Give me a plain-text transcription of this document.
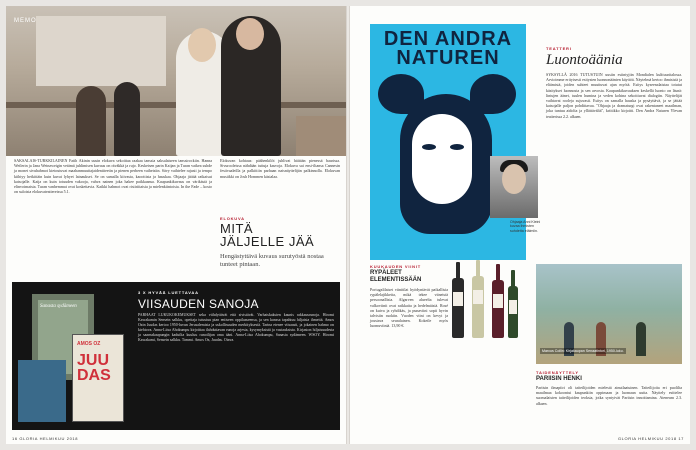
MEMO
SAKSALAIS-TURKKILAINEN Fatih Akinin uusin elokuva sekoittaa raakaa tanssia saksalaiseen tanssirockiin. Hanna Weilerin ja Jana Weinzweigin vetämä juhlimisen kuvaus on räväkkä ja rujo. Keskeisen parin Kaijan ja Turan vaikea suhde ja monet sivuhahmot kietoutuvat maahanmuuttajaidentiteetin ja pienen perheen vaiheisiin. Sävy vaihtelee rajusti ja tempo kiihtyy hetkittäin kuin kuvat lyhyet lainaukset. Se on samalla kiivasta, kaoottista ja hauskaa. Ohjaaja jättää ratkaisut katsojalle. Kaija on kuin totuuden vakooja, vahva nainen joka hakee paikkaansa. Kaupunkikuvaus on värikästä ja elinvoimaista. Turan vanhemmat ovat koskettavia. Kaikki hahmot ovat ristiriitaisia ja mielenkiintoisia. In the Fade – kosto on suloista elokuvateattereissa 5.1.
Elokuvan kohtaus: päähenkilöt juhlivat häitään pienessä baarissa. Sivurooleissa nähdään tuttuja kasvoja. Elokuva sai ensi-iltansa Cannesin festivaaleilla ja palkittiin parhaan naisnäyttelijän palkinnolla. Elokuvan musiikki on Josh Hommen käsialaa.
ELOKUVA
MITÄ
JÄLJELLE JÄÄ
Hengästyttävä kuvaus surutyöstä nostaa tunteet pintaan.
Sanasta sydämeen
AMOS OZ
JUU DAS
3 X HYVÄÄ LUETTAVAA
VIISAUDEN SANOJA
PARHAAT LUKUKOKEMUKSET seka viihdyttävät että sivistävät. Varhaiskaksien kaunis rakkausrunoja. Hiromi Kawakamin Sensein salkku, opettaja tutustuu pian entiseen oppilaaseensa, ja sen kanssa tapahtuu hiljaisia ihmeitä. Amos Ozin Juudas kertoo 1950-luvun Jerusalemista ja uskollisuuden merkityksestä. Tarina etenee viisaasti, ja jokainen hahmo on kiehtova. Anna-Liisa Ahokumpu kirjoittaa ilahduttavan runoja arjesta, kysymyksistä ja vastauksista. Kirjaston hiljaisuudesta ja saarnakaupungin kaduilta kuuluu runoilijan oma ääni. Anna-Liisa Ahokumpu, Sanasta sydämeen. WSOY. Hiromi Kawakami, Sensein salkku. Tammi. Amos Oz, Juudas. Otava.
16 GLORIA HELMIKUU 2018
DEN ANDRA NATUREN
Ohjaaja Anni Kleini kuvaa ihmisten suhdetta eläimiin.
TEATTERI
Luontoäänia
SYKSYLLÄ 2016 TUTUSTUIN uusiin esiintyjiin Mondialen kulttuuritalossa. Arvioimme erityisesti esitysten luonnonäänien käyttöä. Näytelmä kertoo ihmisistä ja eläimistä, joiden suhteet muuttuvat ajan myötä. Esitys kyseenalaistaa totutut käsitykset luonnosta ja sen arvosta. Kaupunkikuvauksen keskellä luonto on läsnä: lintujen äänet, tuulen humina ja veden kohina sekoittuvat dialogiin. Näyttelijät vaihtavat rooleja sujuvasti. Esitys on samalla hauska ja pysäyttävä, ja se jättää katsojalle paljon pohdittavaa. "Ohjaaja ja dramaturgi ovat rakentaneet maailman, joka tuntuu aidolta ja yllättävältä", kriitikko kirjoitti. Den Andra Naturen Ylevan teatterissa 2.2. alkaen.
KUUKAUDEN VIINIT
RYPÄLEET
ELEMENTISSÄÄN
Portugalilaiset viinitilat hyödyntävät paikallisia rypälelajikkeita, mikä tekee viineistä persoonallisia. Algarven alueelta tulevat valkoviinit ovat raikkaita ja hedelmäisiä. Rosé on kuiva ja ryhdikäs, ja punaviini sopii hyvin talvisiin ruokiin. Vuoden viini on kevyt ja joustava seuralainen. Kokeile myös luomuviiniä. 13,90 €.
Marcus Collin: Kirjakaupan Senaatintori, 1950-luku.
TAIDENÄYTTELY
PARIISIN HENKI
Pariisin ilmapiiri oli taiteilijoiden mielestä ainutlaatuinen. Taiteilijoita eri puolilta maailmaa kokoontui kaupunkiin oppimaan ja luomaan uutta. Näyttely esittelee suomalaisten taiteilijoiden teoksia, jotka syntyivät Pariisin innoittamina. Ateneum 2.3. alkaen.
GLORIA HELMIKUU 2018 17
